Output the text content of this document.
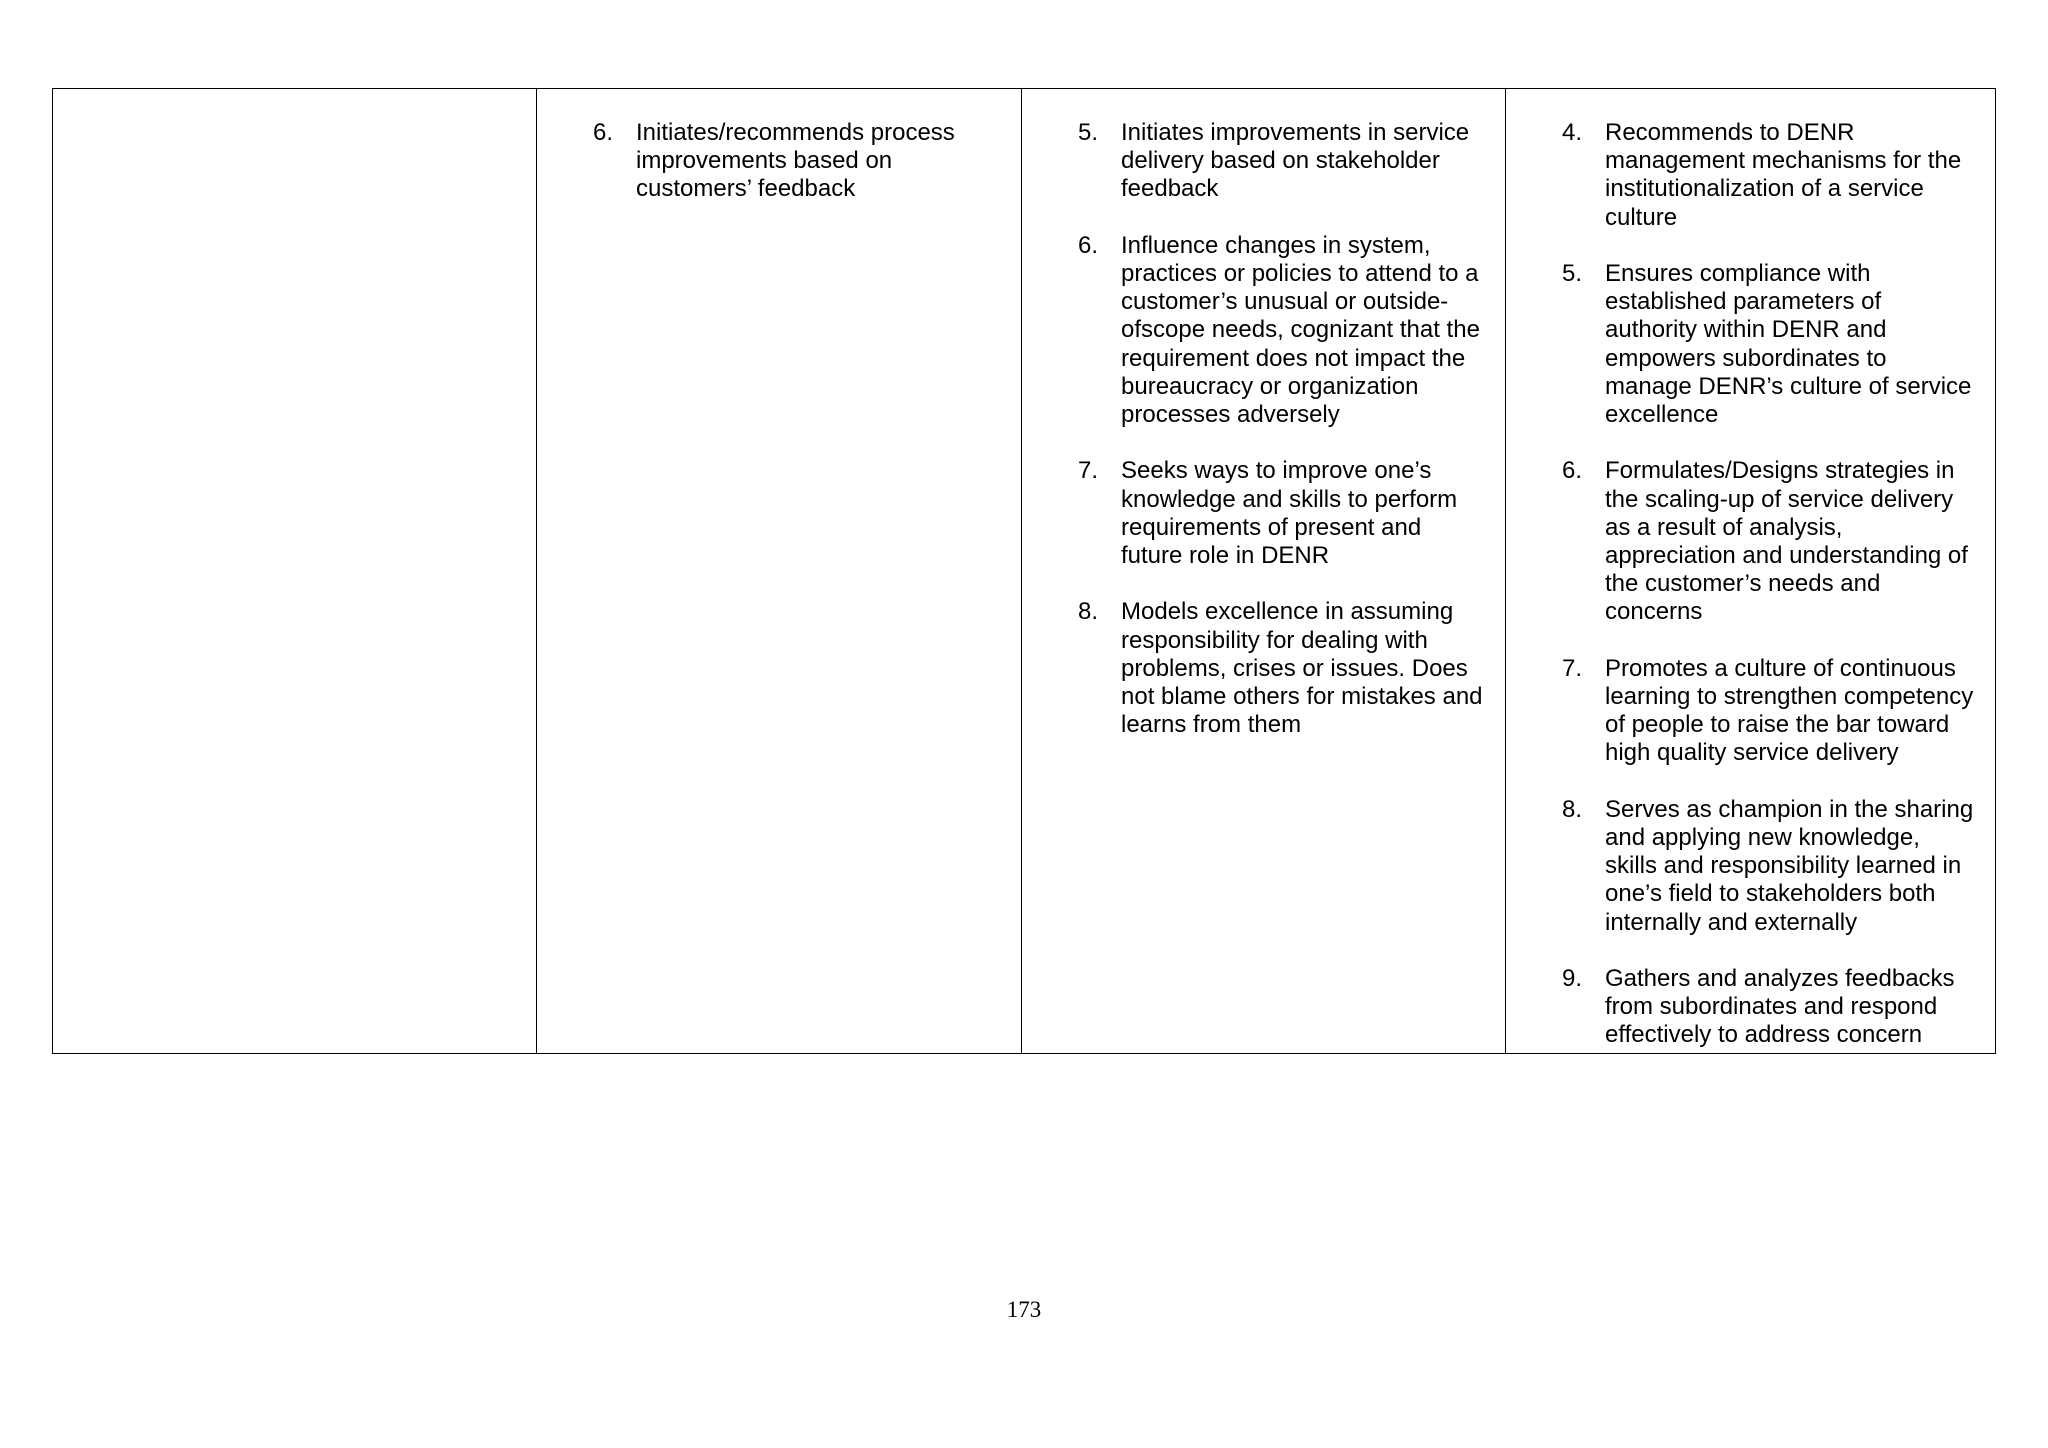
6. Initiates/recommends process
improvements based on
customers’ feedback
5. Initiates improvements in service
delivery based on stakeholder
feedback
6. Influence changes in system,
practices or policies to attend to a
customer’s unusual or outside-
ofscope needs, cognizant that the
requirement does not impact the
bureaucracy or organization
processes adversely
7. Seeks ways to improve one’s
knowledge and skills to perform
requirements of present and
future role in DENR
8. Models excellence in assuming
responsibility for dealing with
problems, crises or issues. Does
not blame others for mistakes and
learns from them
4. Recommends to DENR
management mechanisms for the
institutionalization of a service
culture
5. Ensures compliance with
established parameters of
authority within DENR and
empowers subordinates to
manage DENR’s culture of service
excellence
6. Formulates/Designs strategies in
the scaling-up of service delivery
as a result of analysis,
appreciation and understanding of
the customer’s needs and
concerns
7. Promotes a culture of continuous
learning to strengthen competency
of people to raise the bar toward
high quality service delivery
8. Serves as champion in the sharing
and applying new knowledge,
skills and responsibility learned in
one’s field to stakeholders both
internally and externally
9. Gathers and analyzes feedbacks
from subordinates and respond
effectively to address concern
173
